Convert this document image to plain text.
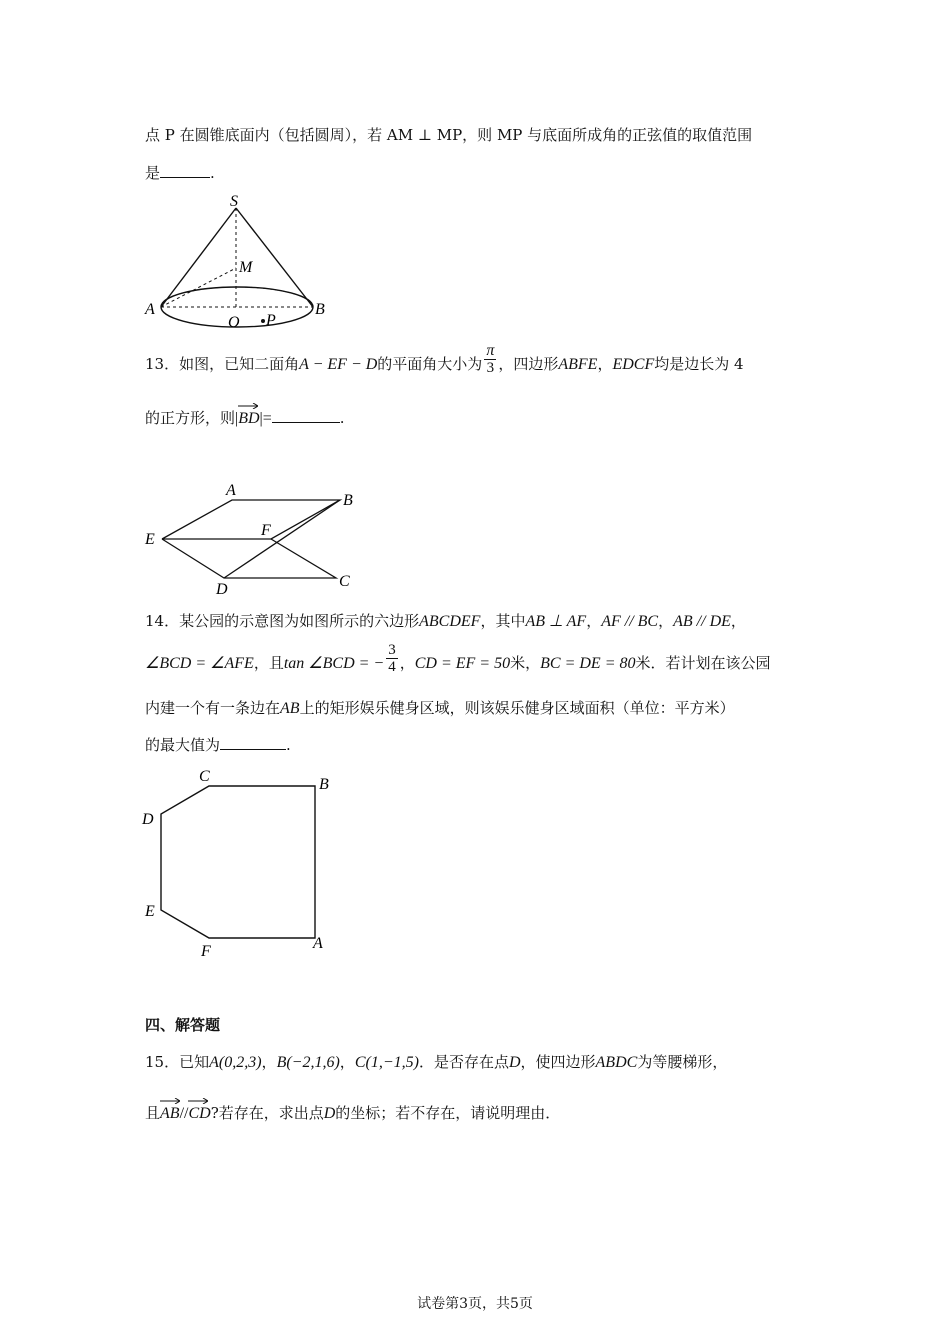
点 P 在圆锥底面内（包括圆周），若 AM ⊥ MP，则 MP 与底面所成角的正弦值的取值范围
是	.
S
M
A	B
O P
13．如图，已知二面角A − EF − D的平面角大小为 $\frac{\pi}{3}$ ，四边形ABFE，EDCF均是边长为 4
的正方形，则|
BD|=	.
A
B
E
F
D	C
14．某公园的示意图为如图所示的六边形ABCDEF，其中AB ⊥ AF，AF // BC，AB // DE，
∠BCD = ∠AFE，且tan ∠BCD = − $\frac{3}{4}$ ，CD = EF = 50米，BC = DE = 80米．若计划在该公园
内建一个有一条边在AB上的矩形娱乐健身区域，则该娱乐健身区域面积（单位：平方米）
的最大值为	.
C	B
D
E
F	A
四、解答题
15．已知A(0,2,3)，B(−2,1,6)，C(1,−1,5)．是否存在点D，使四边形ABDC为等腰梯形，
且
AB//
CD?若存在，求出点D的坐标；若不存在，请说明理由．
试卷第3页，共5页
